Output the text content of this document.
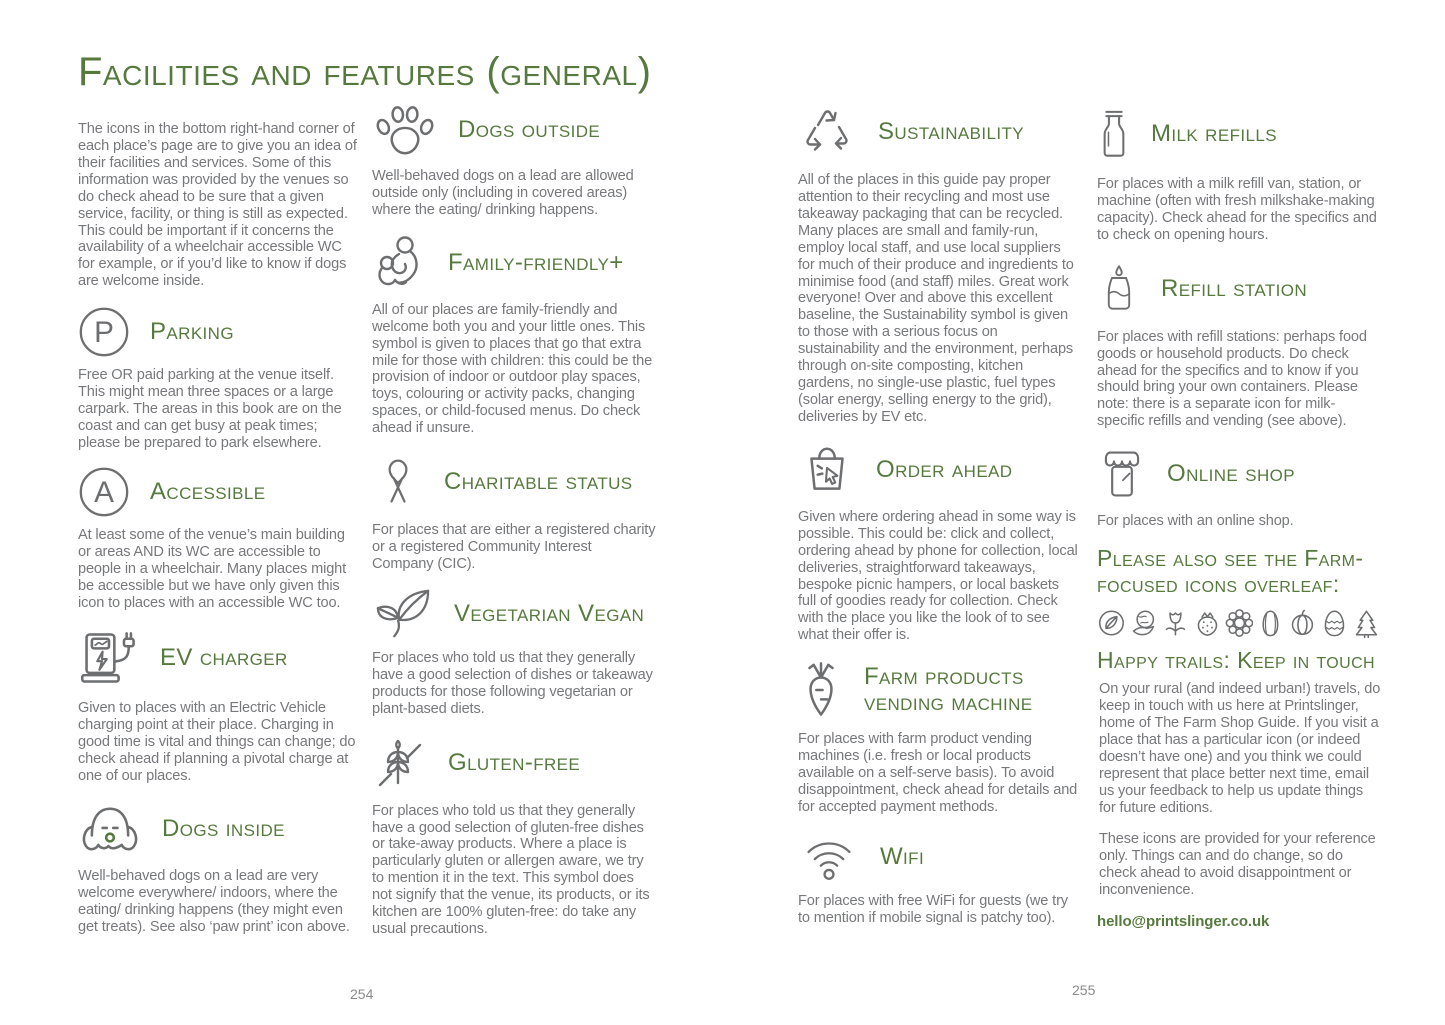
Facilities and features (general)

The icons in the bottom right-hand corner of each place’s page are to give you an idea of their facilities and services. Some of this information was provided by the venues so do check ahead to be sure that a given service, facility, or thing is still as expected. This could be important if it concerns the availability of a wheelchair accessible WC for example, or if you’d like to know if dogs are welcome inside.

P Parking

Free OR paid parking at the venue itself. This might mean three spaces or a large carpark. The areas in this book are on the coast and can get busy at peak times; please be prepared to park elsewhere.

A Accessible

At least some of the venue’s main building or areas AND its WC are accessible to people in a wheelchair. Many places might be accessible but we have only given this icon to places with an accessible WC too.

EV charger

Given to places with an Electric Vehicle charging point at their place. Charging in good time is vital and things can change; do check ahead if planning a pivotal charge at one of our places.

Dogs inside

Well-behaved dogs on a lead are very welcome everywhere/ indoors, where the eating/ drinking happens (they might even get treats). See also ‘paw print’ icon above.

Dogs outside

Well-behaved dogs on a lead are allowed outside only (including in covered areas) where the eating/ drinking happens.

Family-friendly+

All of our places are family-friendly and welcome both you and your little ones. This symbol is given to places that go that extra mile for those with children: this could be the provision of indoor or outdoor play spaces, toys, colouring or activity packs, changing spaces, or child-focused menus. Do check ahead if unsure.

Charitable status

For places that are either a registered charity or a registered Community Interest Company (CIC).

Vegetarian Vegan

For places who told us that they generally have a good selection of dishes or takeaway products for those following vegetarian or plant-based diets.

Gluten-free

For places who told us that they generally have a good selection of gluten-free dishes or take-away products. Where a place is particularly gluten or allergen aware, we try to mention it in the text. This symbol does not signify that the venue, its products, or its kitchen are 100% gluten-free: do take any usual precautions.

Sustainability

All of the places in this guide pay proper attention to their recycling and most use takeaway packaging that can be recycled. Many places are small and family-run, employ local staff, and use local suppliers for much of their produce and ingredients to minimise food (and staff) miles. Great work everyone! Over and above this excellent baseline, the Sustainability symbol is given to those with a serious focus on sustainability and the environment, perhaps through on-site composting, kitchen gardens, no single-use plastic, fuel types (solar energy, selling energy to the grid), deliveries by EV etc.

Order ahead

Given where ordering ahead in some way is possible. This could be: click and collect, ordering ahead by phone for collection, local deliveries, straightforward takeaways, bespoke picnic hampers, or local baskets full of goodies ready for collection. Check with the place you like the look of to see what their offer is.

Farm products vending machine

For places with farm product vending machines (i.e. fresh or local products available on a self-serve basis). To avoid disappointment, check ahead for details and for accepted payment methods.

Wifi

For places with free WiFi for guests (we try to mention if mobile signal is patchy too).

Milk refills

For places with a milk refill van, station, or machine (often with fresh milkshake-making capacity). Check ahead for the specifics and to check on opening hours.

Refill station

For places with refill stations: perhaps food goods or household products. Do check ahead for the specifics and to know if you should bring your own containers. Please note: there is a separate icon for milk-specific refills and vending (see above).

Online shop

For places with an online shop.

Please also see the Farm-focused icons overleaf:
Happy trails: Keep in touch

On your rural (and indeed urban!) travels, do keep in touch with us here at Printslinger, home of The Farm Shop Guide. If you visit a place that has a particular icon (or indeed doesn’t have one) and you think we could represent that place better next time, email us your feedback to help us update things for future editions.

These icons are provided for your reference only. Things can and do change, so do check ahead to avoid disappointment or inconvenience.

hello@printslinger.co.uk
254	255
